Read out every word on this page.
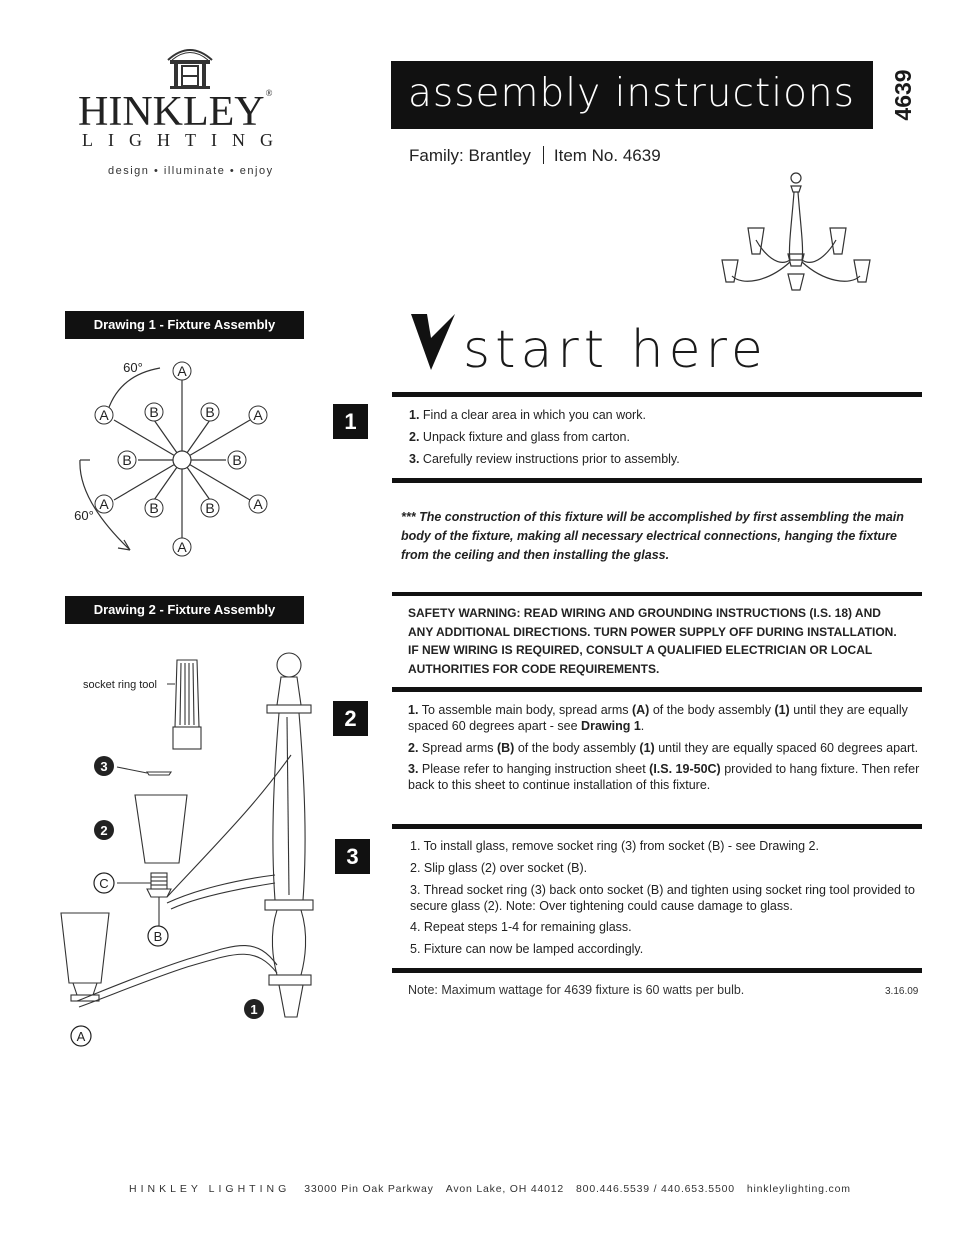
HINKLEY®
LIGHTING
design • illuminate • enjoy
assembly instructions	4639
Family: Brantley Item No. 4639
Drawing 1 - Fixture Assembly
60°
60°
A
A	A
A	A
A
B	B
B	B
B	B
Drawing 2 - Fixture Assembly
socket ring tool
3
2
C
B
1
A
start here
1	1. Find a clear area in which you can work.
2. Unpack fixture and glass from carton.
3. Carefully review instructions prior to assembly.
*** The construction of this fixture will be accomplished by first assembling the main body of the fixture, making all necessary electrical connections, hanging the fixture from the ceiling and then installing the glass.
SAFETY WARNING: READ WIRING AND GROUNDING INSTRUCTIONS (I.S. 18) AND ANY ADDITIONAL DIRECTIONS. TURN POWER SUPPLY OFF DURING INSTALLATION. IF NEW WIRING IS REQUIRED, CONSULT A QUALIFIED ELECTRICIAN OR LOCAL AUTHORITIES FOR CODE REQUIREMENTS.
2	1. To assemble main body, spread arms (A) of the body assembly (1) until they are equally spaced 60 degrees apart - see Drawing 1.

2. Spread arms (B) of the body assembly (1) until they are equally spaced 60 degrees apart.

3. Please refer to hanging instruction sheet (I.S. 19-50C) provided to hang fixture. Then refer back to this sheet to continue installation of this fixture.

3	1. To install glass, remove socket ring (3) from socket (B) - see Drawing 2.

2. Slip glass (2) over socket (B).

3. Thread socket ring (3) back onto socket (B) and tighten using socket ring tool provided to secure glass (2). Note: Over tightening could cause damage to glass.

4. Repeat steps 1-4 for remaining glass.

5. Fixture can now be lamped accordingly.

Note: Maximum wattage for 4639 fixture is 60 watts per bulb.	3.16.09
HINKLEY LIGHTING 33000 Pin Oak Parkway Avon Lake, OH 44012 800.446.5539 / 440.653.5500 hinkleylighting.com
